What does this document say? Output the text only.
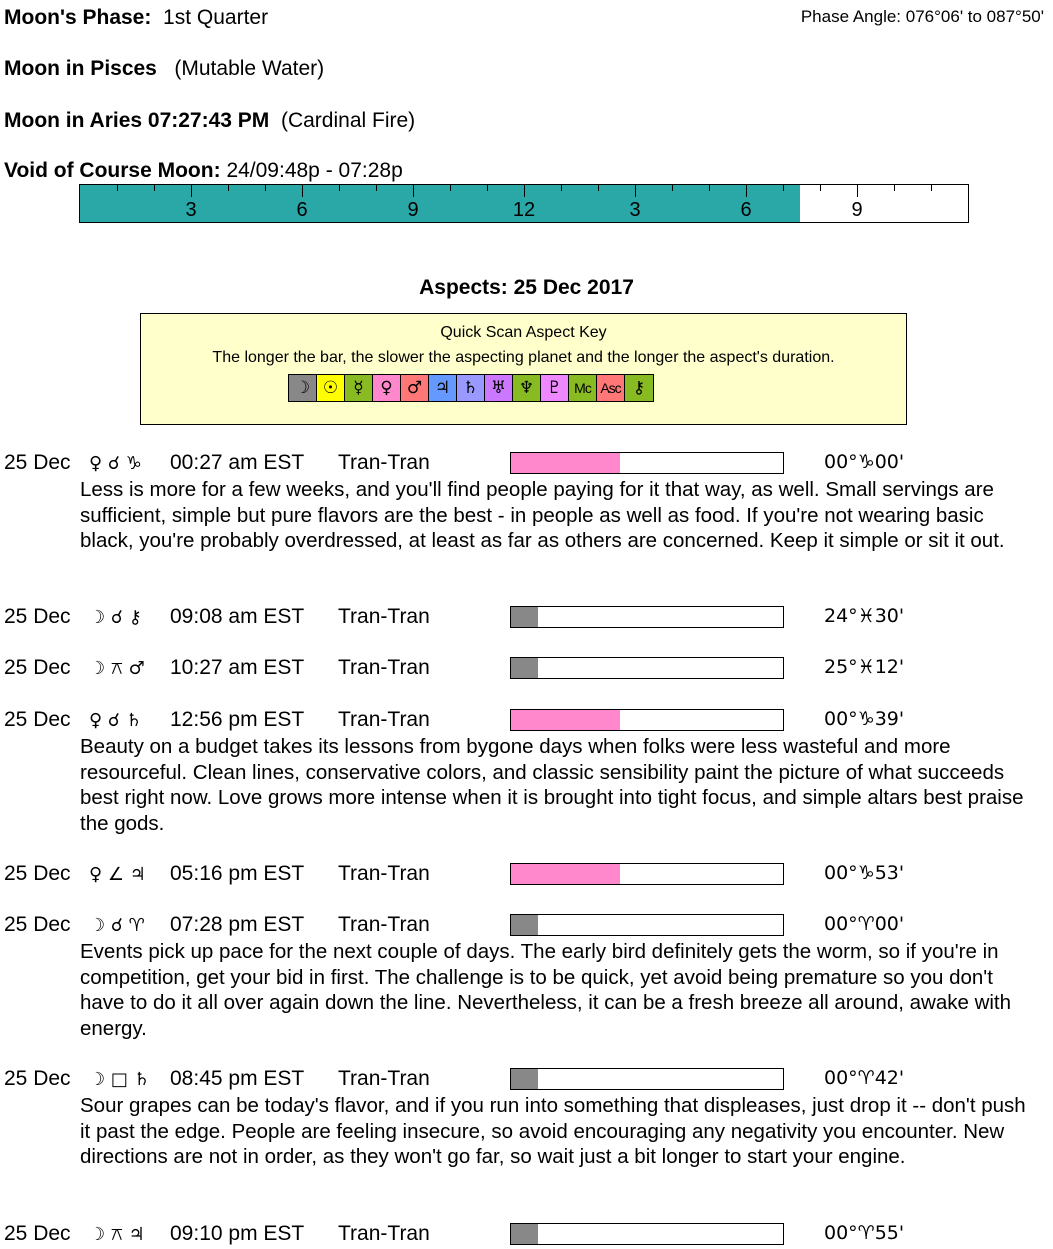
Moon's Phase: 1st Quarter	Phase Angle: 076°06' to 087°50'
Moon in Pisces (Mutable Water)
Moon in Aries 07:27:43 PM (Cardinal Fire)
Void of Course Moon: 24/09:48p - 07:28p
3	6	9	12	3	6	9
Aspects: 25 Dec 2017
Quick Scan Aspect Key
The longer the bar, the slower the aspecting planet and the longer the aspect's duration.
☽ ☉ ☿ ♀ ♂ ♃ ♄ ♅ ♆ ♇ Mc Asc ⚷
25 Dec ♀ ☌ ♑ 00:27 am EST Tran-Tran	00°♑00'
Less is more for a few weeks, and you'll find people paying for it that way, as well. Small servings are sufficient, simple but pure flavors are the best - in people as well as food. If you're not wearing basic black, you're probably overdressed, at least as far as others are concerned. Keep it simple or sit it out.
25 Dec ☽ ☌ ⚷ 09:08 am EST Tran-Tran	24°♓30'
25 Dec ☽ ⚻ ♂ 10:27 am EST Tran-Tran	25°♓12'
25 Dec ♀ ☌ ♄ 12:56 pm EST Tran-Tran	00°♑39'
Beauty on a budget takes its lessons from bygone days when folks were less wasteful and more resourceful. Clean lines, conservative colors, and classic sensibility paint the picture of what succeeds best right now. Love grows more intense when it is brought into tight focus, and simple altars best praise the gods.
25 Dec ♀ ∠ ♃ 05:16 pm EST Tran-Tran	00°♑53'
25 Dec ☽ ☌ ♈ 07:28 pm EST Tran-Tran	00°♈00'
Events pick up pace for the next couple of days. The early bird definitely gets the worm, so if you're in competition, get your bid in first. The challenge is to be quick, yet avoid being premature so you don't have to do it all over again down the line. Nevertheless, it can be a fresh breeze all around, awake with energy.
25 Dec ☽ □ ♄ 08:45 pm EST Tran-Tran	00°♈42'
Sour grapes can be today's flavor, and if you run into something that displeases, just drop it -- don't push it past the edge. People are feeling insecure, so avoid encouraging any negativity you encounter. New directions are not in order, as they won't go far, so wait just a bit longer to start your engine.
25 Dec ☽ ⚻ ♃ 09:10 pm EST Tran-Tran	00°♈55'
